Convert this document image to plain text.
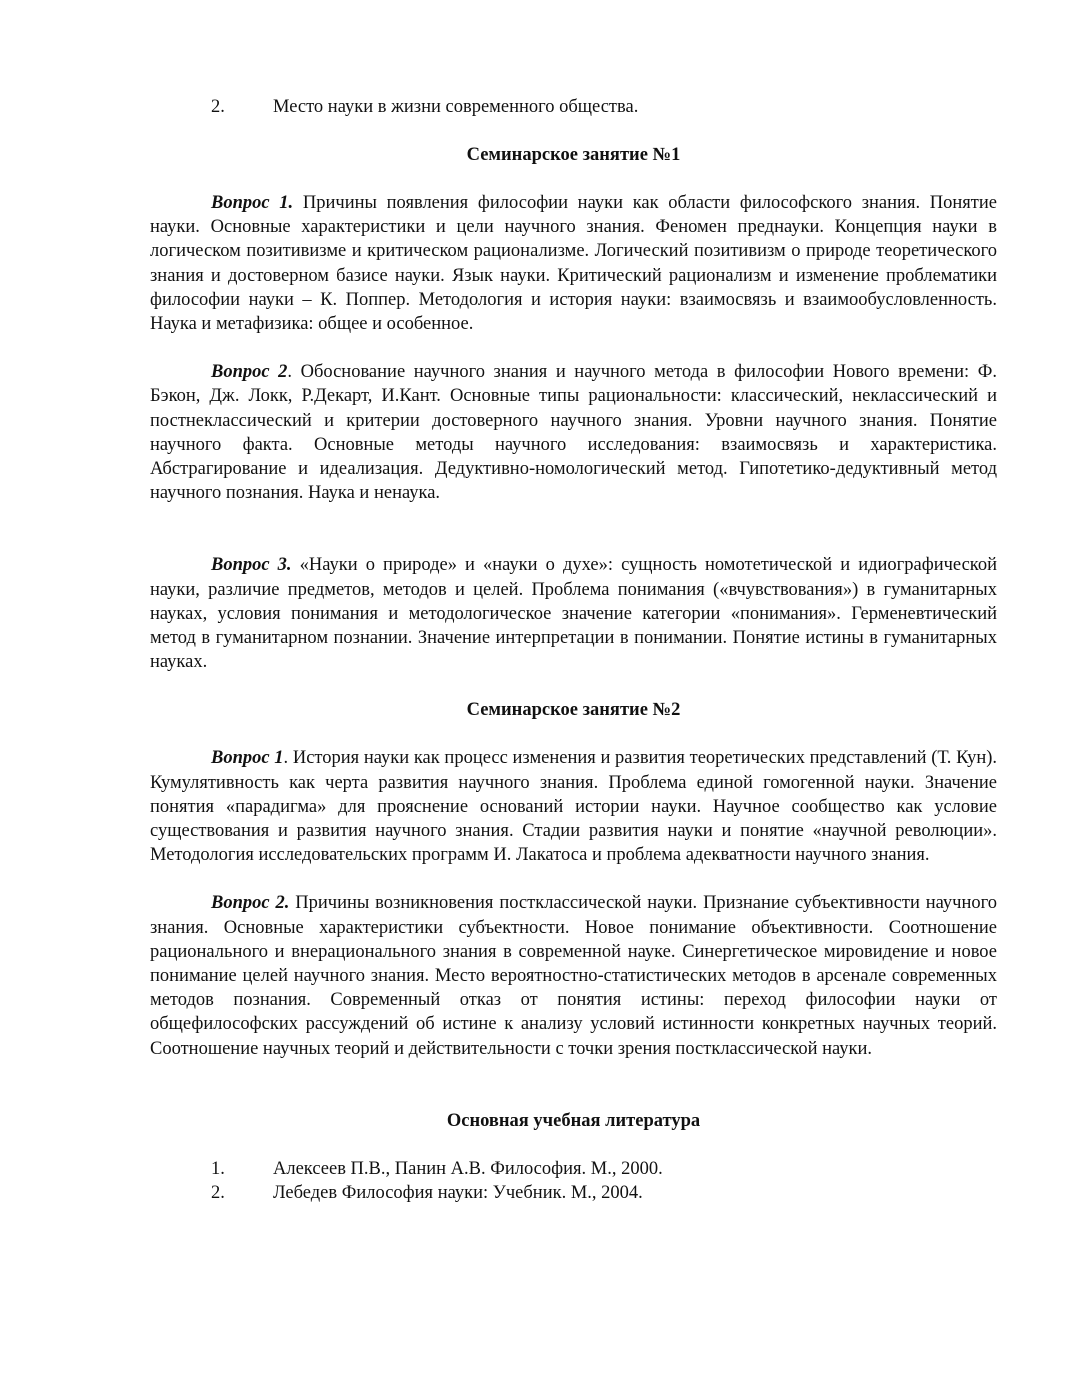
2.	Место науки в жизни современного общества.
Семинарское занятие №1

Вопрос 1. Причины появления философии науки как области философского знания. Понятие науки. Основные характеристики и цели научного знания. Феномен преднауки. Концепция науки в логическом позитивизме и критическом рационализме. Логический позитивизм о природе теоретического знания и достоверном базисе науки. Язык науки. Критический рационализм и изменение проблематики философии науки – К. Поппер. Методология и история науки: взаимосвязь и взаимообусловленность. Наука и метафизика: общее и особенное.

Вопрос 2. Обоснование научного знания и научного метода в философии Нового времени: Ф. Бэкон, Дж. Локк, Р.Декарт, И.Кант. Основные типы рациональности: классический, неклассический и постнеклассический и критерии достоверного научного знания. Уровни научного знания. Понятие научного факта. Основные методы научного исследования: взаимосвязь и характеристика. Абстрагирование и идеализация. Дедуктивно-номологический метод. Гипотетико-дедуктивный метод научного познания. Наука и ненаука.

Вопрос 3. «Науки о природе» и «науки о духе»: сущность номотетической и идиографической науки, различие предметов, методов и целей. Проблема понимания («вчувствования») в гуманитарных науках, условия понимания и методологическое значение категории «понимания». Герменевтический метод в гуманитарном познании. Значение интерпретации в понимании. Понятие истины в гуманитарных науках.

Семинарское занятие №2

Вопрос 1. История науки как процесс изменения и развития теоретических представлений (Т. Кун). Кумулятивность как черта развития научного знания. Проблема единой гомогенной науки. Значение понятия «парадигма» для прояснение оснований истории науки. Научное сообщество как условие существования и развития научного знания. Стадии развития науки и понятие «научной революции». Методология исследовательских программ И. Лакатоса и проблема адекватности научного знания.

Вопрос 2. Причины возникновения постклассической науки. Признание субъективности научного знания. Основные характеристики субъектности. Новое понимание объективности. Соотношение рационального и внерационального знания в современной науке. Синергетическое мировидение и новое понимание целей научного знания. Место вероятностно-статистических методов в арсенале современных методов познания. Современный отказ от понятия истины: переход философии науки от общефилософских рассуждений об истине к анализу условий истинности конкретных научных теорий. Соотношение научных теорий и действительности с точки зрения постклассической науки.

Основная учебная литература
1.	Алексеев П.В., Панин А.В. Философия. М., 2000.
2.	Лебедев Философия науки: Учебник. М., 2004.
